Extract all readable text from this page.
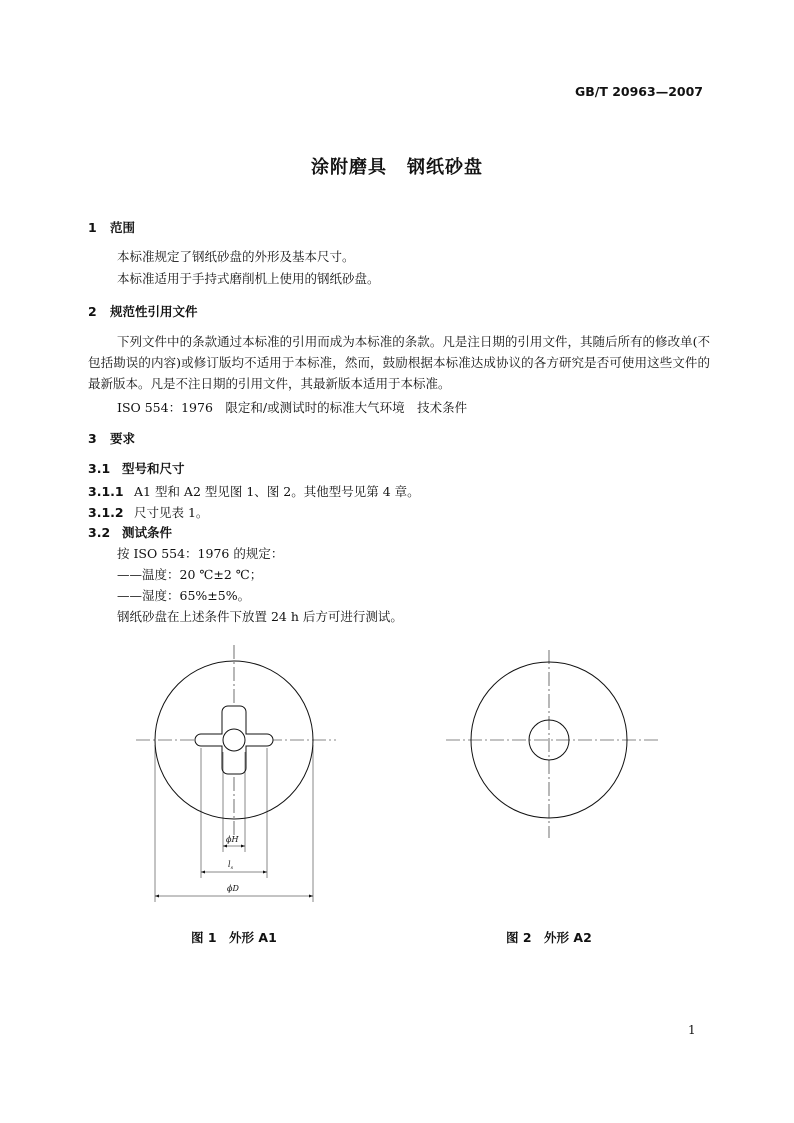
GB/T 20963—2007
涂附磨具 钢纸砂盘
1 范围
本标准规定了钢纸砂盘的外形及基本尺寸。
本标准适用于手持式磨削机上使用的钢纸砂盘。
2 规范性引用文件
下列文件中的条款通过本标准的引用而成为本标准的条款。凡是注日期的引用文件，其随后所有的修改单(不包括勘误的内容)或修订版均不适用于本标准，然而，鼓励根据本标准达成协议的各方研究是否可使用这些文件的最新版本。凡是不注日期的引用文件，其最新版本适用于本标准。
ISO 554：1976　限定和/或测试时的标准大气环境　技术条件
3 要求
3.1 型号和尺寸
3.1.1 A1 型和 A2 型见图 1、图 2。其他型号见第 4 章。
3.1.2 尺寸见表 1。
3.2 测试条件
按 ISO 554：1976 的规定：
——温度：20 ℃±2 ℃；
——湿度：65%±5%。
钢纸砂盘在上述条件下放置 24 h 后方可进行测试。
ϕH
$l_s$
ϕD
图 1　外形 A1	图 2　外形 A2
1
